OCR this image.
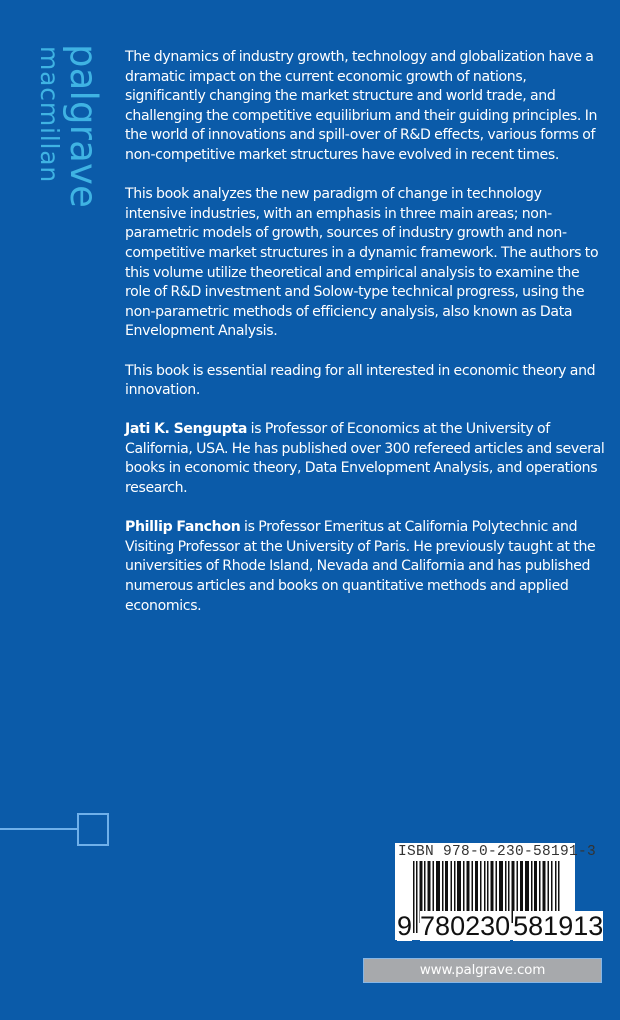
palgrave
macmillan	The dynamics of industry growth, technology and globalization have a dramatic impact on the current economic growth of nations, significantly changing the market structure and world trade, and challenging the competitive equilibrium and their guiding principles. In the world of innovations and spill-over of R&D effects, various forms of non-competitive market structures have evolved in recent times.

This book analyzes the new paradigm of change in technology intensive industries, with an emphasis in three main areas; non-parametric models of growth, sources of industry growth and non-competitive market structures in a dynamic framework. The authors to this volume utilize theoretical and empirical analysis to examine the role of R&D investment and Solow-type technical progress, using the non-parametric methods of efficiency analysis, also known as Data Envelopment Analysis.

This book is essential reading for all interested in economic theory and innovation.

Jati K. Sengupta is Professor of Economics at the University of California, USA. He has published over 300 refereed articles and several books in economic theory, Data Envelopment Analysis, and operations research.

Phillip Fanchon is Professor Emeritus at California Polytechnic and Visiting Professor at the University of Paris. He previously taught at the universities of Rhode Island, Nevada and California and has published numerous articles and books on quantitative methods and applied economics.

ISBN 978-0-230-58191-3
9 780230 581913
www.palgrave.com
